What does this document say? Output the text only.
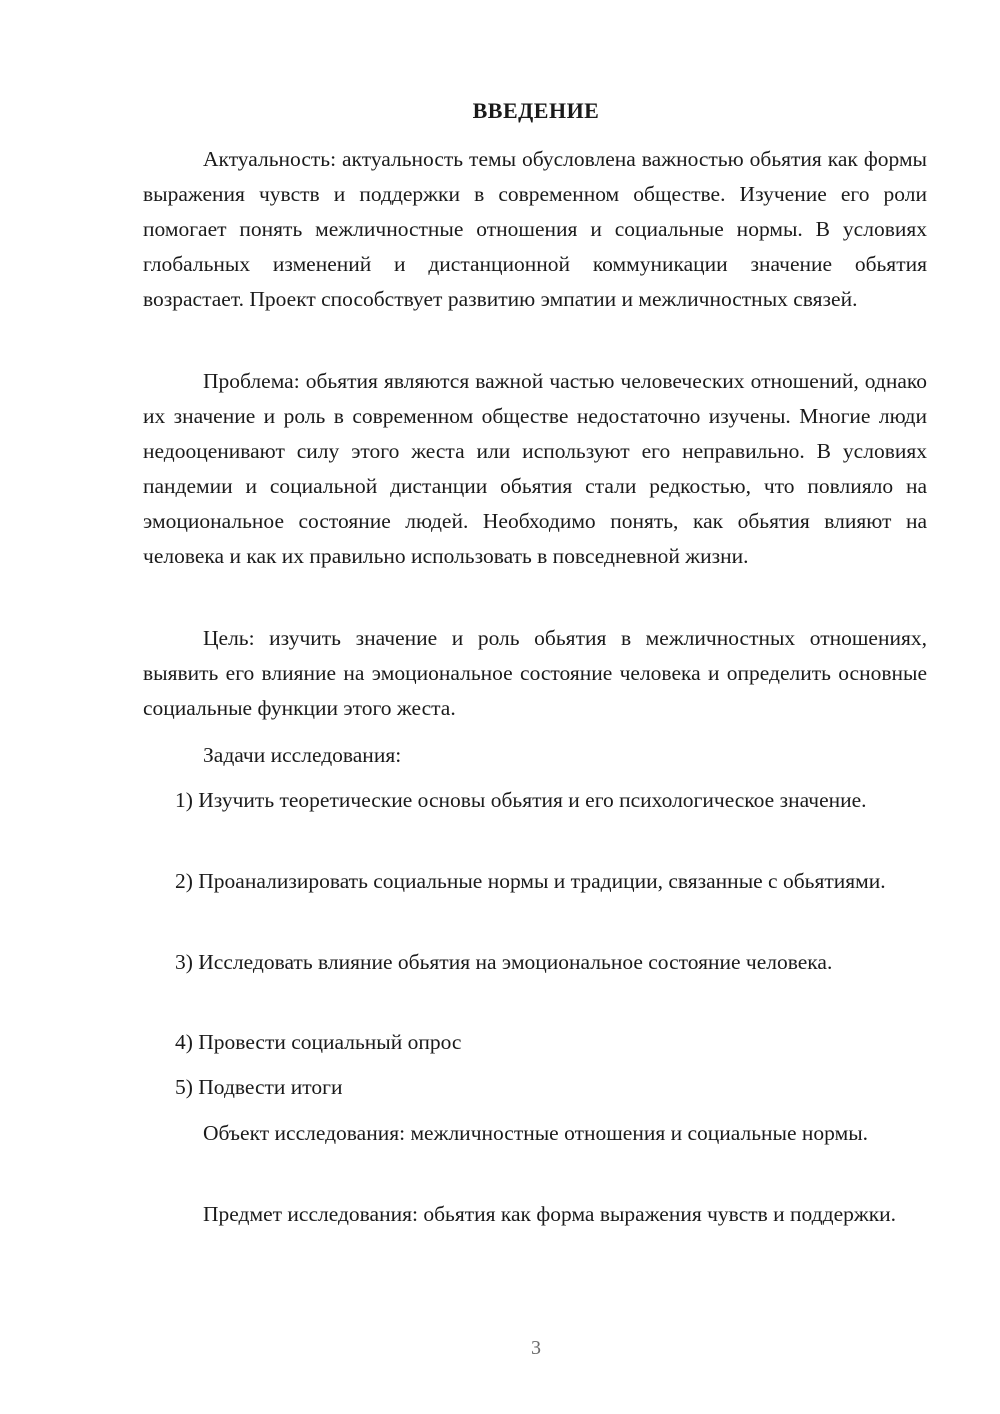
ВВЕДЕНИЕ

Актуальность: актуальность темы обусловлена важностью обьятия как формы выражения чувств и поддержки в современном обществе. Изучение его роли помогает понять межличностные отношения и социальные нормы. В условиях глобальных изменений и дистанционной коммуникации значение обьятия возрастает. Проект способствует развитию эмпатии и межличностных связей.

Проблема: обьятия являются важной частью человеческих отношений, однако их значение и роль в современном обществе недостаточно изучены. Многие люди недооценивают силу этого жеста или используют его неправильно. В условиях пандемии и социальной дистанции обьятия стали редкостью, что повлияло на эмоциональное состояние людей. Необходимо понять, как обьятия влияют на человека и как их правильно использовать в повседневной жизни.

Цель: изучить значение и роль обьятия в межличностных отношениях, выявить его влияние на эмоциональное состояние человека и определить основные социальные функции этого жеста.

Задачи исследования:

1) Изучить теоретические основы обьятия и его психологическое значение.

2) Проанализировать социальные нормы и традиции, связанные с обьятиями.

3) Исследовать влияние обьятия на эмоциональное состояние человека.

4) Провести социальный опрос

5) Подвести итоги

Объект исследования: межличностные отношения и социальные нормы.

Предмет исследования: обьятия как форма выражения чувств и поддержки.

3
